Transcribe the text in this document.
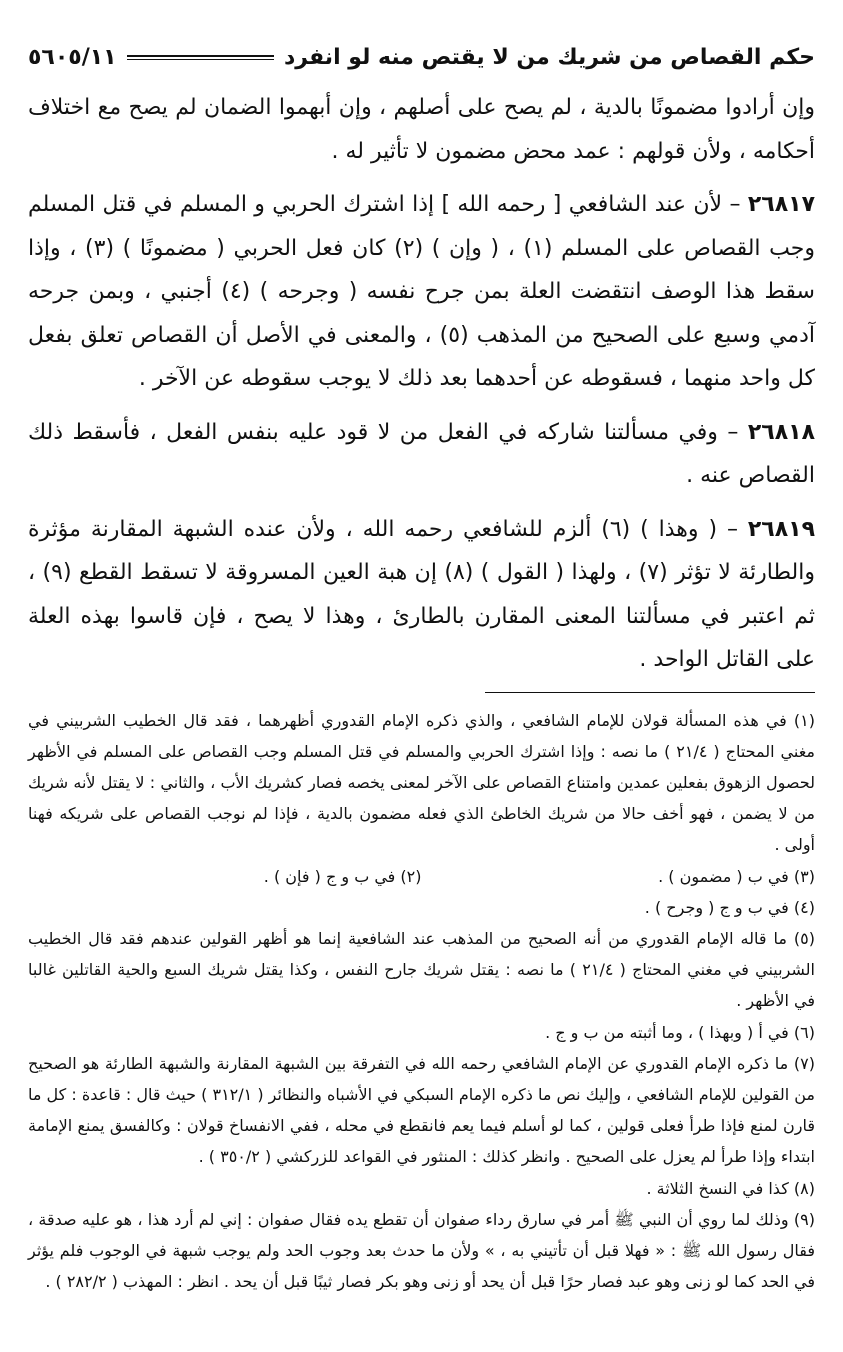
حكم القصاص من شريك من لا يقتص منه لو انفرد
٥٦٠٥/١١

وإن أرادوا مضمونًا بالدية ، لم يصح على أصلهم ، وإن أبهموا الضمان لم يصح مع اختلاف أحكامه ، ولأن قولهم : عمد محض مضمون لا تأثير له .

٢٦٨١٧ – لأن عند الشافعي [ رحمه الله ] إذا اشترك الحربي و المسلم في قتل المسلم وجب القصاص على المسلم (١) ، ( وإن ) (٢) كان فعل الحربي ( مضمونًا ) (٣) ، وإذا سقط هذا الوصف انتقضت العلة بمن جرح نفسه ( وجرحه ) (٤) أجنبي ، وبمن جرحه آدمي وسبع على الصحيح من المذهب (٥) ، والمعنى في الأصل أن القصاص تعلق بفعل كل واحد منهما ، فسقوطه عن أحدهما بعد ذلك لا يوجب سقوطه عن الآخر .

٢٦٨١٨ – وفي مسألتنا شاركه في الفعل من لا قود عليه بنفس الفعل ، فأسقط ذلك القصاص عنه .

٢٦٨١٩ – ( وهذا ) (٦) ألزم للشافعي رحمه الله ، ولأن عنده الشبهة المقارنة مؤثرة والطارئة لا تؤثر (٧) ، ولهذا ( القول ) (٨) إن هبة العين المسروقة لا تسقط القطع (٩) ، ثم اعتبر في مسألتنا المعنى المقارن بالطارئ ، وهذا لا يصح ، فإن قاسوا بهذه العلة على القاتل الواحد .

(١) في هذه المسألة قولان للإمام الشافعي ، والذي ذكره الإمام القدوري أظهرهما ، فقد قال الخطيب الشربيني في مغني المحتاج ( ٢١/٤ ) ما نصه : وإذا اشترك الحربي والمسلم في قتل المسلم وجب القصاص على المسلم في الأظهر لحصول الزهوق بفعلين عمدين وامتناع القصاص على الآخر لمعنى يخصه فصار كشريك الأب ، والثاني : لا يقتل لأنه شريك من لا يضمن ، فهو أخف حالا من شريك الخاطئ الذي فعله مضمون بالدية ، فإذا لم نوجب القصاص على شريكه فهنا أولى .

(٣) في ب ( مضمون ) .
(٢) في ب و ج ( فإن ) .
(٤) في ب و ج ( وجرح ) .

(٥) ما قاله الإمام القدوري من أنه الصحيح من المذهب عند الشافعية إنما هو أظهر القولين عندهم فقد قال الخطيب الشربيني في مغني المحتاج ( ٢١/٤ ) ما نصه : يقتل شريك جارح النفس ، وكذا يقتل شريك السبع والحية القاتلين غالبا في الأظهر .

(٦) في أ ( وبهذا ) ، وما أثبته من ب و ج .

(٧) ما ذكره الإمام القدوري عن الإمام الشافعي رحمه الله في التفرقة بين الشبهة المقارنة والشبهة الطارئة هو الصحيح من القولين للإمام الشافعي ، وإليك نص ما ذكره الإمام السبكي في الأشباه والنظائر ( ٣١٢/١ ) حيث قال : قاعدة : كل ما قارن لمنع فإذا طرأ فعلى قولين ، كما لو أسلم فيما يعم فانقطع في محله ، ففي الانفساخ قولان : وكالفسق يمنع الإمامة ابتداء وإذا طرأ لم يعزل على الصحيح . وانظر كذلك : المنثور في القواعد للزركشي ( ٣٥٠/٢ ) .

(٨) كذا في النسخ الثلاثة .

(٩) وذلك لما روي أن النبي ﷺ أمر في سارق رداء صفوان أن تقطع يده فقال صفوان : إني لم أرد هذا ، هو عليه صدقة ، فقال رسول الله ﷺ : « فهلا قبل أن تأتيني به ، » ولأن ما حدث بعد وجوب الحد ولم يوجب شبهة في الوجوب فلم يؤثر في الحد كما لو زنى وهو عبد فصار حرًا قبل أن يحد أو زنى وهو بكر فصار ثيبًا قبل أن يحد . انظر : المهذب ( ٢٨٢/٢ ) .
